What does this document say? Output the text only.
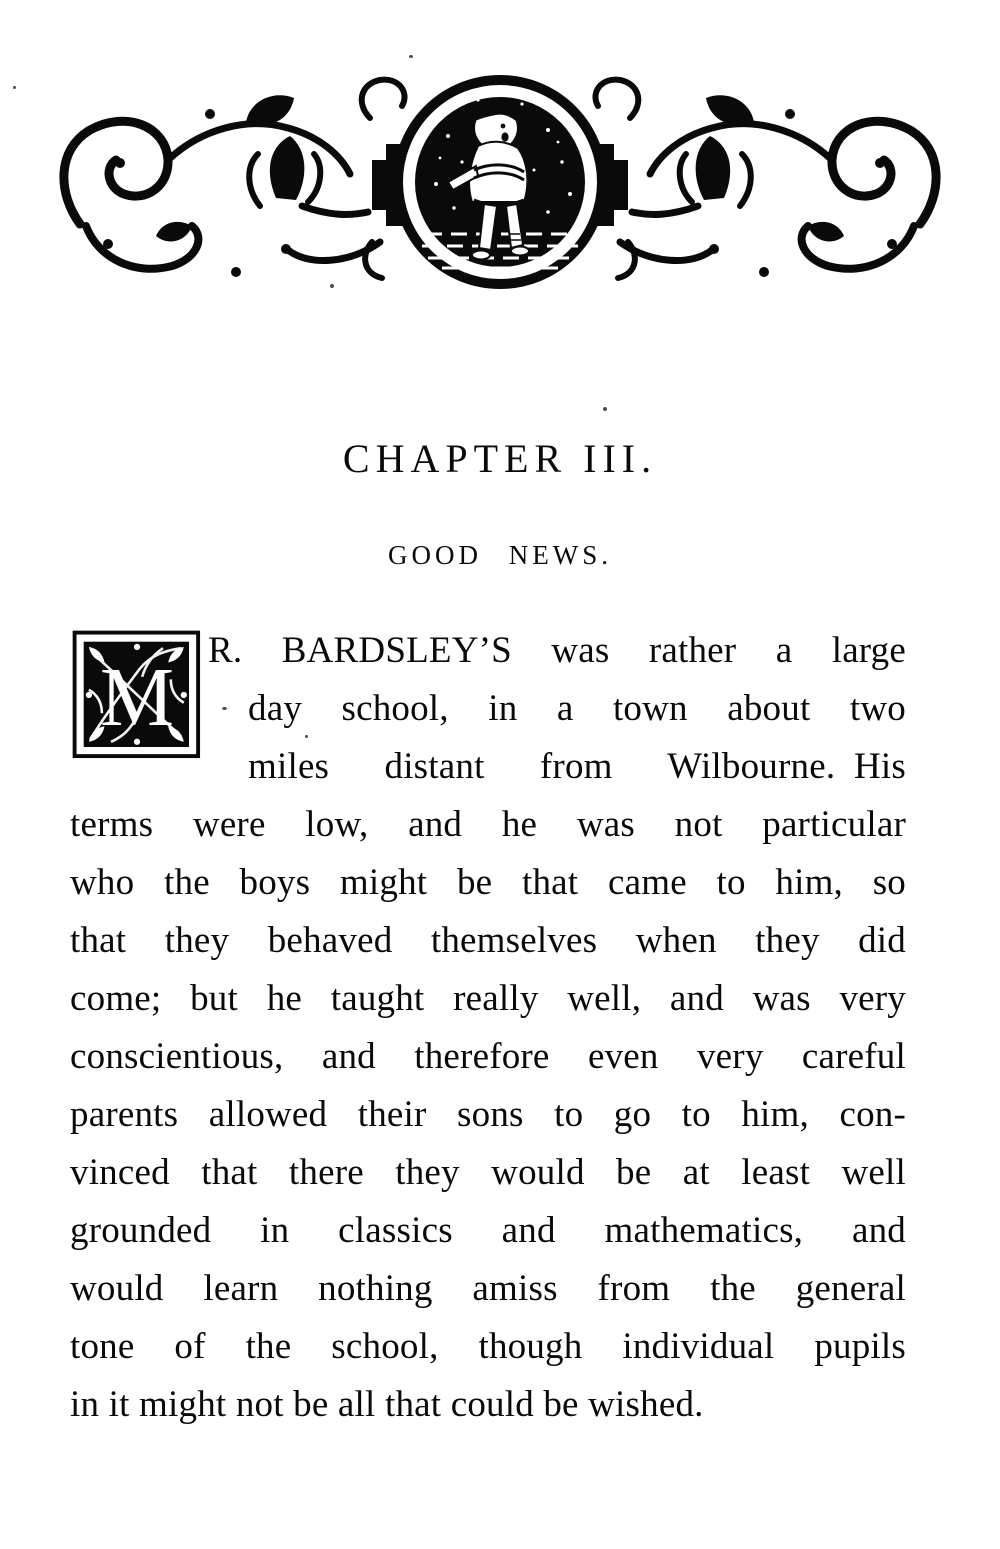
CHAPTER III.
GOOD NEWS.
M
R. BARDSLEY’S was rather a large
day school, in a town about two
miles distant from Wilbourne. His
terms were low, and he was not particular
who the boys might be that came to him, so
that they behaved themselves when they did
come; but he taught really well, and was very
conscientious, and therefore even very careful
parents allowed their sons to go to him, con-
vinced that there they would be at least well
grounded in classics and mathematics, and
would learn nothing amiss from the general
tone of the school, though individual pupils
in it might not be all that could be wished.
